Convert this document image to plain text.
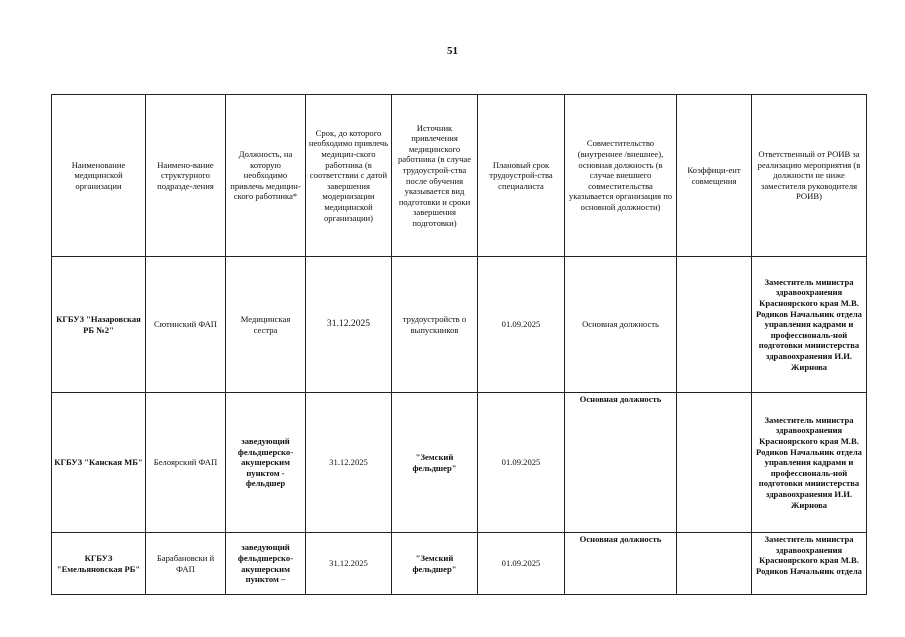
51
Наименование медицинской организации	Наимено-вание структурного подразде-ления	Должность, на которую необходимо привлечь медицин-ского работника*	Срок, до которого необходимо привлечь медицин-ского работника (в соответствии с датой завершения модернизации медицинской организации)	Источник привлечения медицинского работника (в случае трудоустрой-ства после обучения указывается вид подготовки и сроки завершения подготовки)	Плановый срок трудоустрой-ства специалиста	Совместительство (внутреннее /внешнее), основная должность (в случае внешнего совместительства указывается организация по основной должности)	Коэффици-ент совмещения	Ответственный от РОИВ за реализацию мероприятия (в должности не ниже заместителя руководителя РОИВ)
КГБУЗ "Назаровская РБ №2"	Сютинский ФАП	Медицинская сестра	31.12.2025	трудоустройств о выпускников	01.09.2025	Основная должность		Заместитель министра здравоохранения Красноярского края М.В. Родиков Начальник отдела управления кадрами и профессиональ-ной подготовки министерства здравоохранения И.И. Жирнова
КГБУЗ "Канская МБ"	Белоярский ФАП	заведующий фельдшерско-акушерским пунктом - фельдшер	31.12.2025	"Земский фельдшер"	01.09.2025	Основная должность		Заместитель министра здравоохранения Красноярского края М.В. Родиков Начальник отдела управления кадрами и профессиональ-ной подготовки министерства здравоохранения И.И. Жирнова
КГБУЗ "Емельяновская РБ"	Барабановски й ФАП	заведующий фельдшерско-акушерским пунктом –	31.12.2025	"Земский фельдшер"	01.09.2025	Основная должность		Заместитель министра здравоохранения Красноярского края М.В. Родиков Начальник отдела
